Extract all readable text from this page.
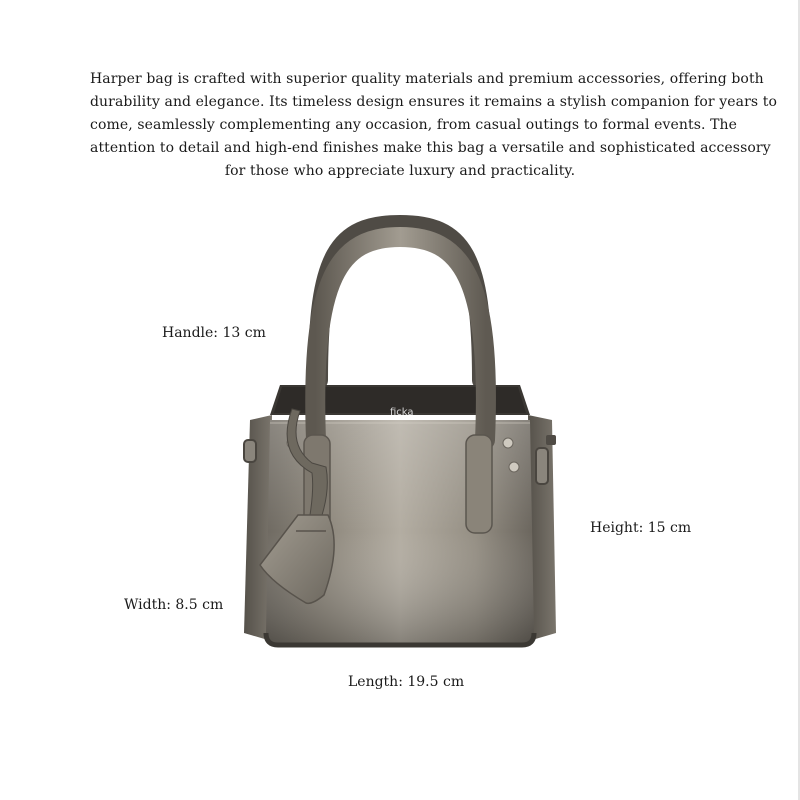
Harper bag is crafted with superior quality materials and premium accessories, offering both
durability and elegance. Its timeless design ensures it remains a stylish companion for years to
come, seamlessly complementing any occasion, from casual outings to formal events. The
attention to detail and high-end finishes make this bag a versatile and sophisticated accessory
for those who appreciate luxury and practicality.

ficka

Handle: 13 cm

Height: 15 cm

Width: 8.5 cm

Length: 19.5 cm
